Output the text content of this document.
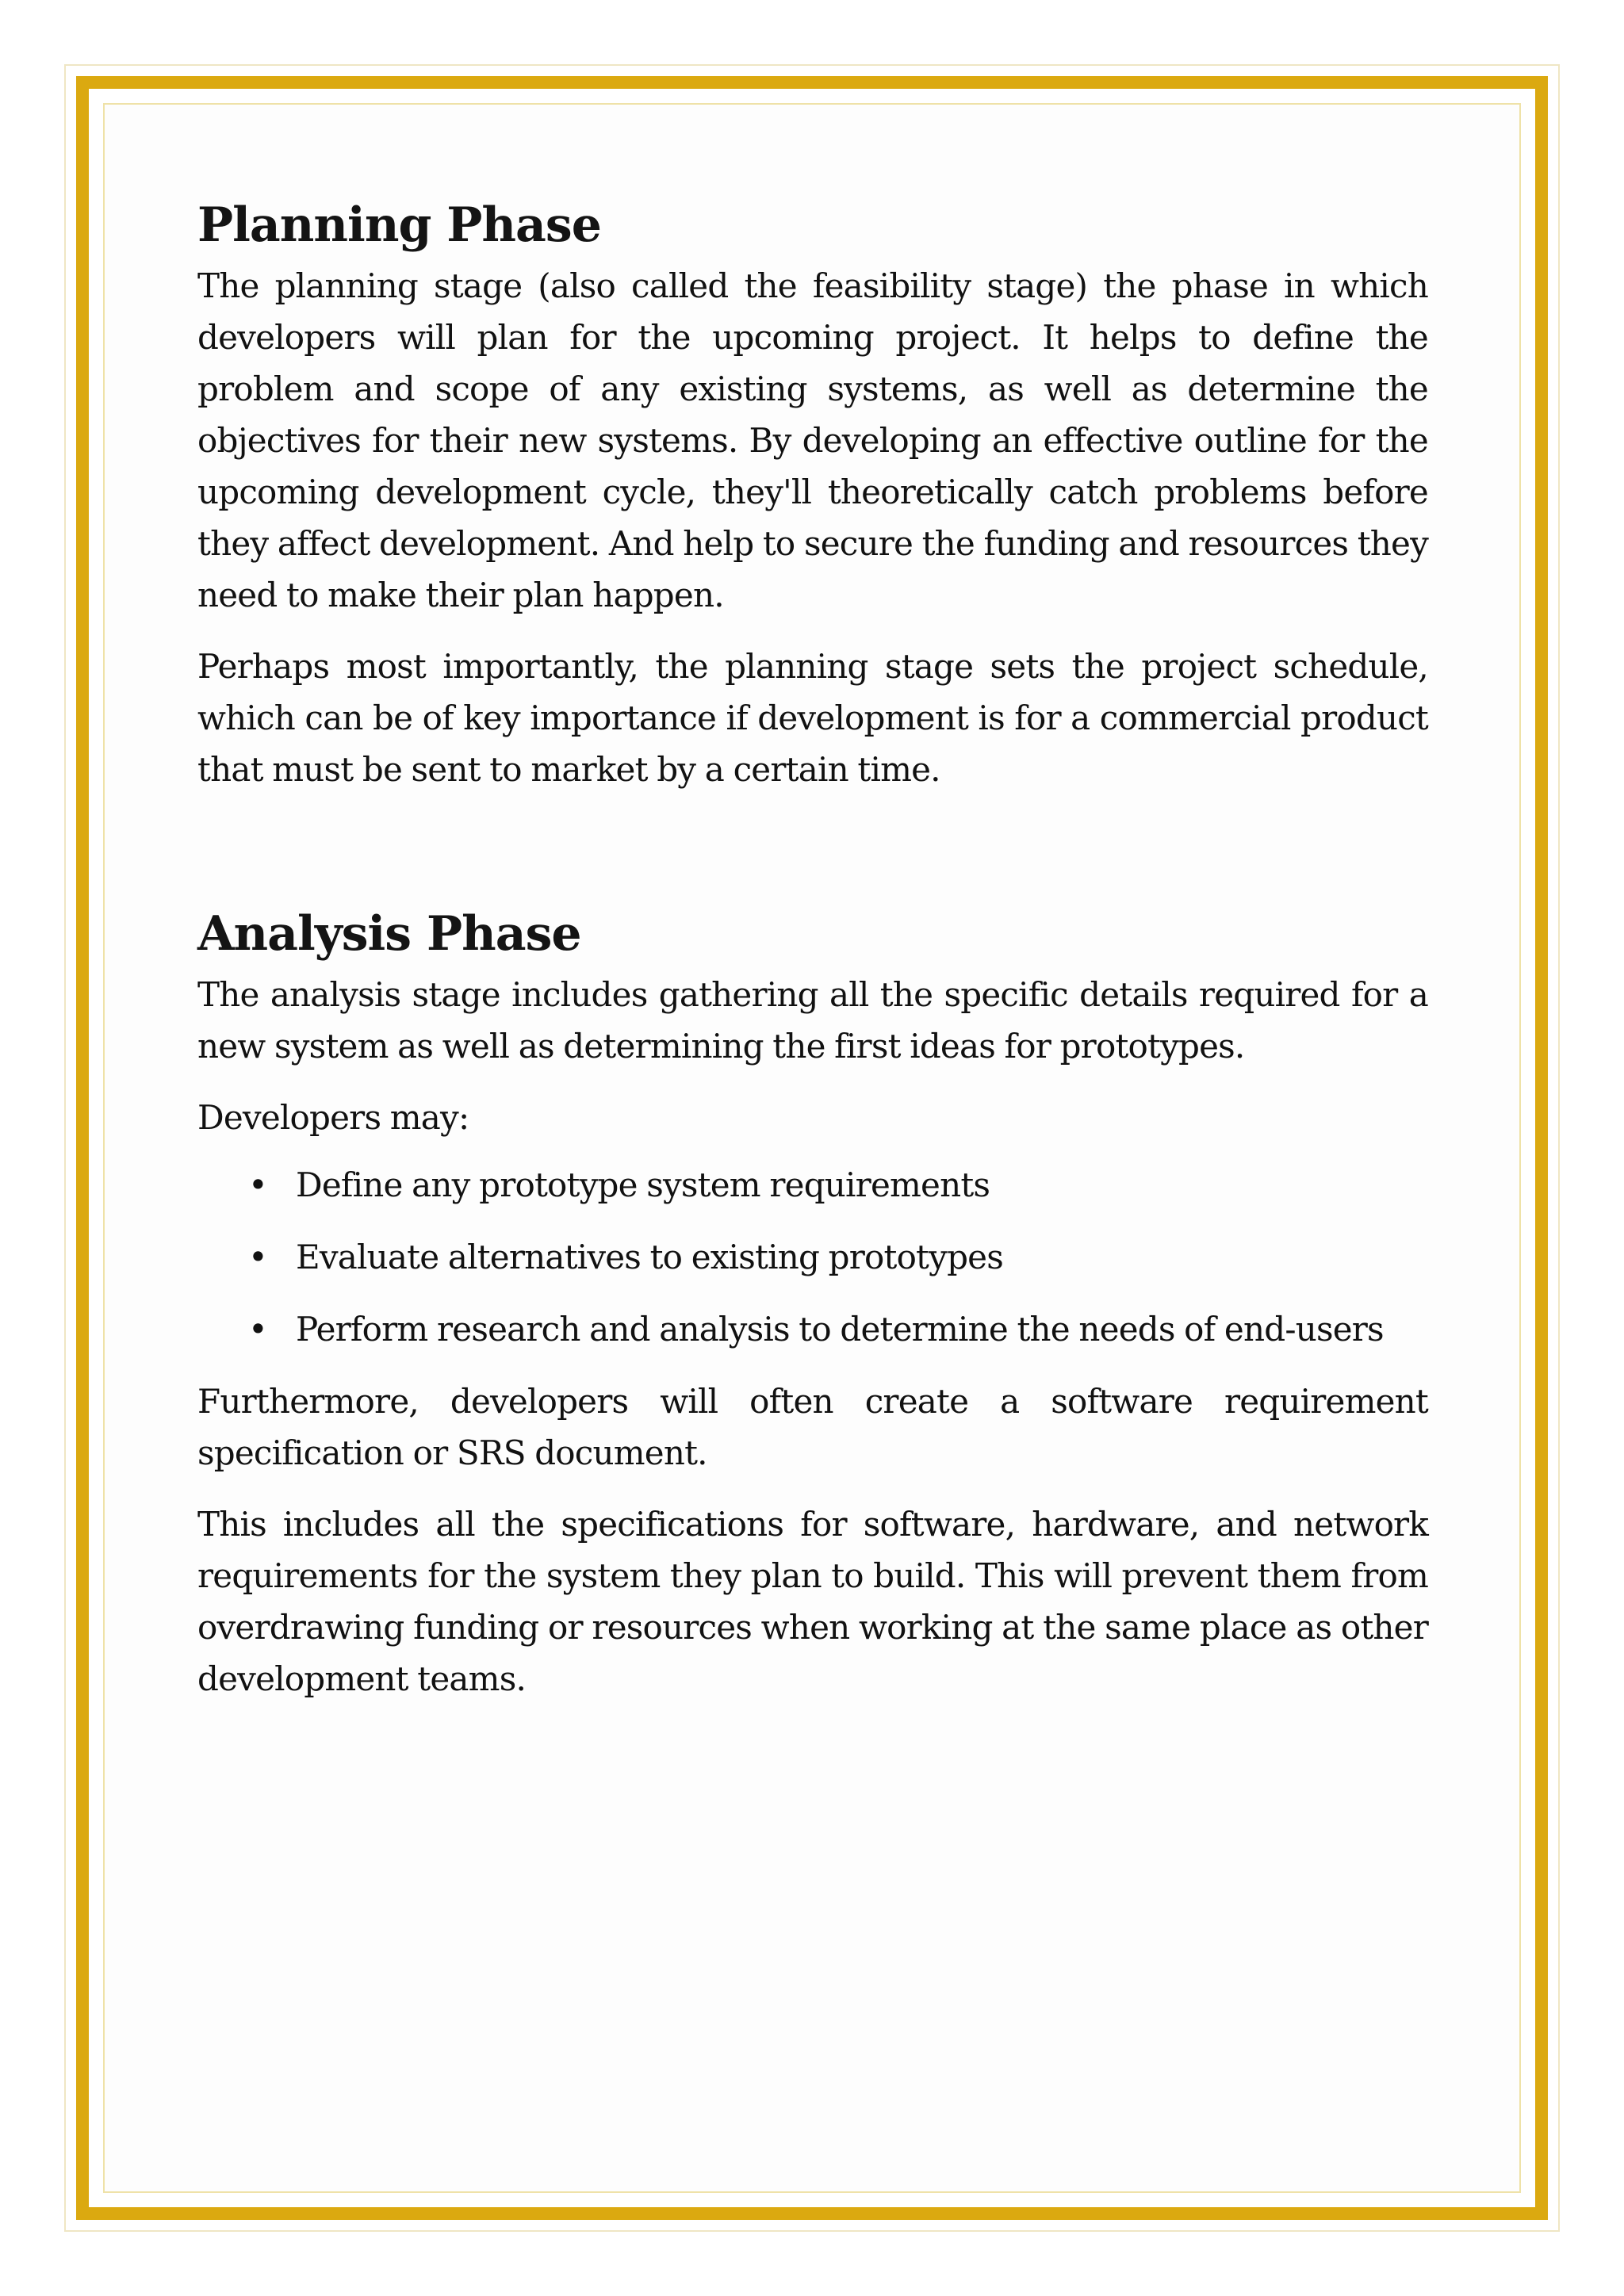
Planning Phase

The planning stage (also called the feasibility stage) the phase in which developers will plan for the upcoming project. It helps to define the problem and scope of any existing systems, as well as determine the objectives for their new systems. By developing an effective outline for the upcoming development cycle, they'll theoretically catch problems before they affect development. And help to secure the funding and resources they need to make their plan happen.

Perhaps most importantly, the planning stage sets the project schedule, which can be of key importance if development is for a commercial product that must be sent to market by a certain time.

Analysis Phase

The analysis stage includes gathering all the specific details required for a new system as well as determining the first ideas for prototypes.

Developers may:

• Define any prototype system requirements
• Evaluate alternatives to existing prototypes
• Perform research and analysis to determine the needs of end-users

Furthermore, developers will often create a software requirement specification or SRS document.

This includes all the specifications for software, hardware, and network requirements for the system they plan to build. This will prevent them from overdrawing funding or resources when working at the same place as other development teams.
